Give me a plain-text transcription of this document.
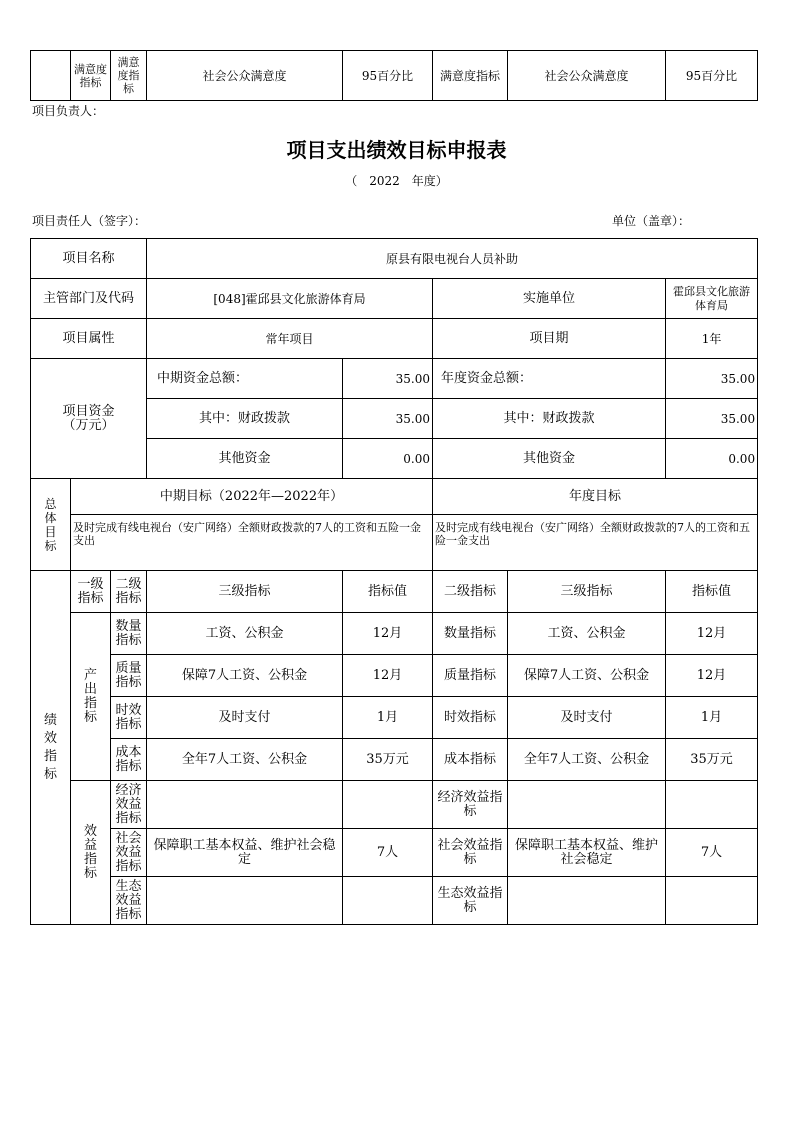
	满意度指标	满意度指标	社会公众满意度	95百分比	满意度指标	社会公众满意度	95百分比
项目负责人：
项目支出绩效目标申报表
（　2022　年度）
项目责任人（签字）：	单位（盖章）：
项目名称			原县有限电视台人员补助				
主管部门及代码			[048]霍邱县文化旅游体育局		实施单位		霍邱县文化旅游体育局
项目属性			常年项目		项目期		1年
项目资金（万元）			中期资金总额：	35.00	年度资金总额：		35.00
			其中：财政拨款	35.00	其中：财政拨款		35.00
			其他资金	0.00	其他资金		0.00
总体目标	中期目标（2022年—2022年）				年度目标		
	及时完成有线电视台（安广网络）全额财政拨款的7人的工资和五险一金支出				及时完成有线电视台（安广网络）全额财政拨款的7人的工资和五险一金支出		
绩效指标	一级指标	二级指标	三级指标	指标值	二级指标	三级指标	指标值
	产出指标	数量指标	工资、公积金	12月	数量指标	工资、公积金	12月
		质量指标	保障7人工资、公积金	12月	质量指标	保障7人工资、公积金	12月
		时效指标	及时支付	1月	时效指标	及时支付	1月
		成本指标	全年7人工资、公积金	35万元	成本指标	全年7人工资、公积金	35万元
	效益指标	经济效益指标			经济效益指标		
		社会效益指标	保障职工基本权益、维护社会稳定	7人	社会效益指标	保障职工基本权益、维护社会稳定	7人
		生态效益指标			生态效益指标		
